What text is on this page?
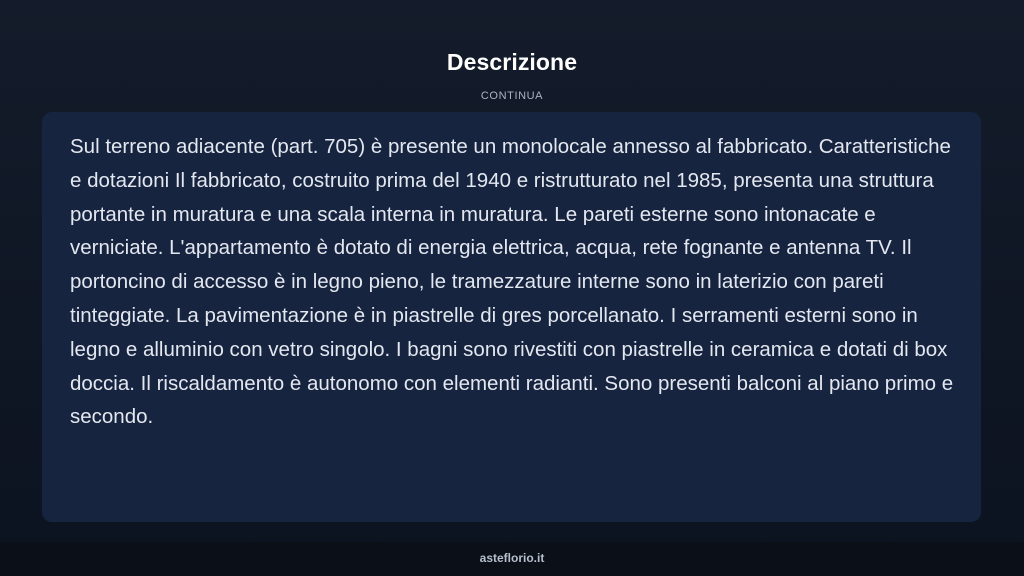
Descrizione
CONTINUA

Sul terreno adiacente (part. 705) è presente un monolocale annesso al fabbricato. Caratteristiche e dotazioni Il fabbricato, costruito prima del 1940 e ristrutturato nel 1985, presenta una struttura portante in muratura e una scala interna in muratura. Le pareti esterne sono intonacate e verniciate. L'appartamento è dotato di energia elettrica, acqua, rete fognante e antenna TV. Il portoncino di accesso è in legno pieno, le tramezzature interne sono in laterizio con pareti tinteggiate. La pavimentazione è in piastrelle di gres porcellanato. I serramenti esterni sono in legno e alluminio con vetro singolo. I bagni sono rivestiti con piastrelle in ceramica e dotati di box doccia. Il riscaldamento è autonomo con elementi radianti. Sono presenti balconi al piano primo e secondo.

asteflorio.it
